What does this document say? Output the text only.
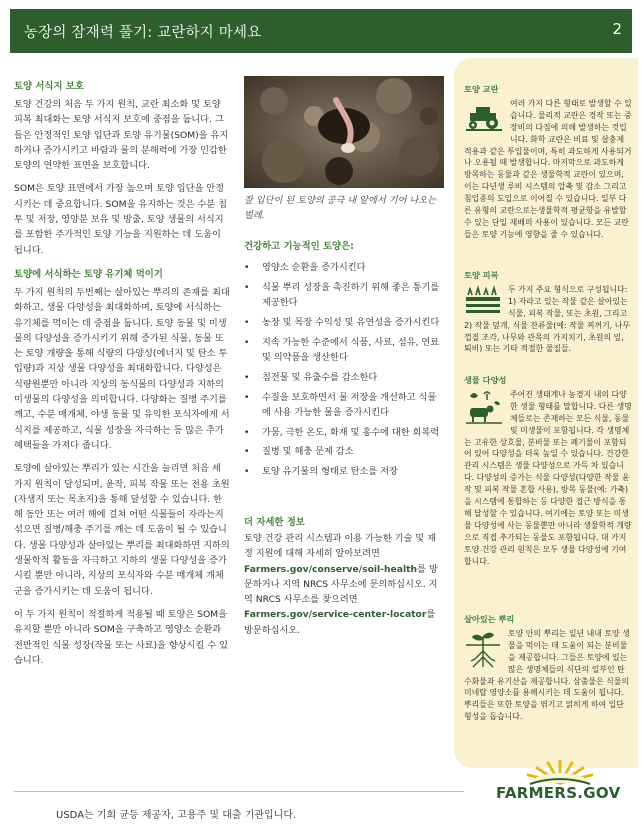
농장의 잠재력 풀기: 교란하지 마세요	2
토양 서식지 보호

토양 건강의 처음 두 가지 원칙, 교란 최소화 및 토양 피복 최대화는 토양 서식지 보호에 중점을 둡니다. 그들은 안정적인 토양 입단과 토양 유기물(SOM)을 유지하거나 증가시키고 바람과 물의 분해력에 가장 민감한 토양의 연약한 표면을 보호합니다.

SOM은 토양 표면에서 가장 높으며 토양 입단을 안정시키는 데 중요합니다. SOM을 유지하는 것은 수분 침투 및 저장, 영양분 보유 및 방출, 토양 생물의 서식지를 포함한 주가적인 토양 기능을 지원하는 데 도움이 됩니다.

토양에 서식하는 토양 유기체 먹이기

두 가지 원칙의 두번째는 살아있는 뿌리의 존재를 최대화하고, 생물 다양성을 최대화하며, 토양에 서식하는 유기체를 먹이는 데 중점을 둡니다. 토양 동물 및 미생물의 다양성을 증가시키기 위해 증가된 식물, 동물 또는 토양 개량을 통해 식량의 다양성(에너지 및 탄소 투입량)과 지상 생물 다양성을 최대화합니다. 다양성은 식량원뿐만 아니라 지상의 동식물의 다양성과 지하의 미생물의 다양성을 의미합니다. 다양화는 질병 주기를 깨고, 수분 매개체, 야생 동물 및 유익한 포식자에게 서식지를 제공하고, 식물 성장을 자극하는 등 많은 추가 혜택들을 가져다 줍니다.

토양에 살아있는 뿌리가 있는 시간을 늘리면 처음 세 가지 원칙이 달성되며, 윤작, 피복 작물 또는 전용 초원(자생지 또는 목초지)을 통해 달성할 수 있습니다. 한 해 동안 또는 여러 해에 걸쳐 어떤 식물들이 자라는지 섞으면 질병/해충 주기를 깨는 데 도움이 될 수 있습니다. 생물 다양성과 살아있는 뿌리를 최대화하면 지하의 생물학적 활동을 자극하고 지하의 생물 다양성을 증가시킬 뿐만 아니라, 지상의 포식자와 수분 매개체 개체군을 증가시키는 데 도움이 됩니다.

이 두 가지 원칙이 적절하게 적용될 때 토양은 SOM을 유지할 뿐만 아니라 SOM을 구축하고 영양소 순환과 전반적인 식물 성장(작물 또는 사료)을 향상시킬 수 있습니다.

잘 입단이 된 토양의 공극 내 알에서 기어 나오는 벌레.
건강하고 기능적인 토양은:
• 영양소 순환을 증가시킨다
• 식물 뿌리 성장을 촉진하기 위해 좋은 통기를 제공한다
• 농장 및 목장 수익성 및 유연성을 증가시킨다
• 지속 가능한 수준에서 식품, 사료, 섬유, 연료 및 의약품을 생산한다
• 침전물 및 유출수를 감소한다
• 수질을 보호하면서 물 저장을 개선하고 식물에 사용 가능한 물을 증가시킨다
• 가뭄, 극한 온도, 화재 및 홍수에 대한 회복력
• 질병 및 해충 문제 감소
• 토양 유기물의 형태로 탄소를 저장
더 자세한 정보
토양 건강 관리 시스템과 이용 가능한 기술 및 재정 지원에 대해 자세히 알아보려면 Farmers.gov/conserve/soil-health를 방문하거나 지역 NRCS 사무소에 문의하십시오. 지역 NRCS 사무소를 찾으려면 Farmers.gov/service-center-locator를 방문하십시오.
토양 교란
여러 가지 다른 형태로 발생할 수 있습니다. 물리적 교란은 경작 또는 중장비의 다짐에 의해 발생하는 것입니다. 화학 교란은 비료 및 살충제 적용과 같은 투입물이며, 특히 과도하게 사용되거나 오용될 때 발생합니다. 마지막으로 과도하게 방목하는 동물과 같은 생물학적 교란이 있으며, 이는 다년생 루비 시스템의 압축 및 감소 그리고 침입종의 도입으로 이어질 수 있습니다. 일부 다른 유형의 교란으로는생물학적 평균항을 유발할 수 있는 단일 재배의 사용이 있습니다. 모든 교란들은 토양 기능에 영향을 줄 수 있습니다.
토양 피복
두 가지 주요 형식으로 구성됩니다: 1) 자라고 있는 작물 같은 살아있는 식물, 피복 작물, 또는 초원, 그리고 2) 작물 덮개, 식물 잔류물(예: 작물 찌꺼기, 나무 껍질 조각, 나무와 관목의 가지치기, 초원의 잎, 퇴비) 또는 기타 적절한 물질들.
생물 다양성
주어진 생태계나 농경지 내의 다양한 생물 형태를 말합니다. 다른 생명체들로는 존재하는 모든 식물, 동물 및 미생물이 포함됩니다. 각 생명체는 고유한 상호물, 분비물 또는 폐기물이 포함되어 있어 다양성을 더욱 높일 수 있습니다. 건강한 관리 시스템은 생물 다양성으로 가득 차 있습니다. 다양성의 증가는 식물 다양성(다양한 작물 윤작 및 피복 작물 혼합 사용), 방목 동물(예: 가축)을 시스템에 통합하는 등 다양한 접근 방식을 통해 달성할 수 있습니다. 여기에는 토양 또는 미생물 다양성에 사는 동물뿐만 아니라 생물학적 개량으로 직접 추가되는 동물도 포함됩니다. 대 가지 토양 건강 관리 원칙은 모두 생물 다양성에 기여합니다.
살아있는 뿌리
토양 안의 뿌리는 일년 내내 토양 생물을 먹이는 데 도움이 되는 분비물을 제공합니다. 그들은 토양에 있는 많은 생명체들의 식단의 일부인 탄수화물과 유기산을 제공합니다. 삼출물은 식물의 미네랄 영양소를 용해시키는 데 도움이 됩니다. 뿌리들은 또한 토양을 엮기고 얽히게 하여 입단 형성을 돕습니다.
USDA는 기회 균등 제공자, 고용주 및 대출 기관입니다.
FARMERS.GOV
